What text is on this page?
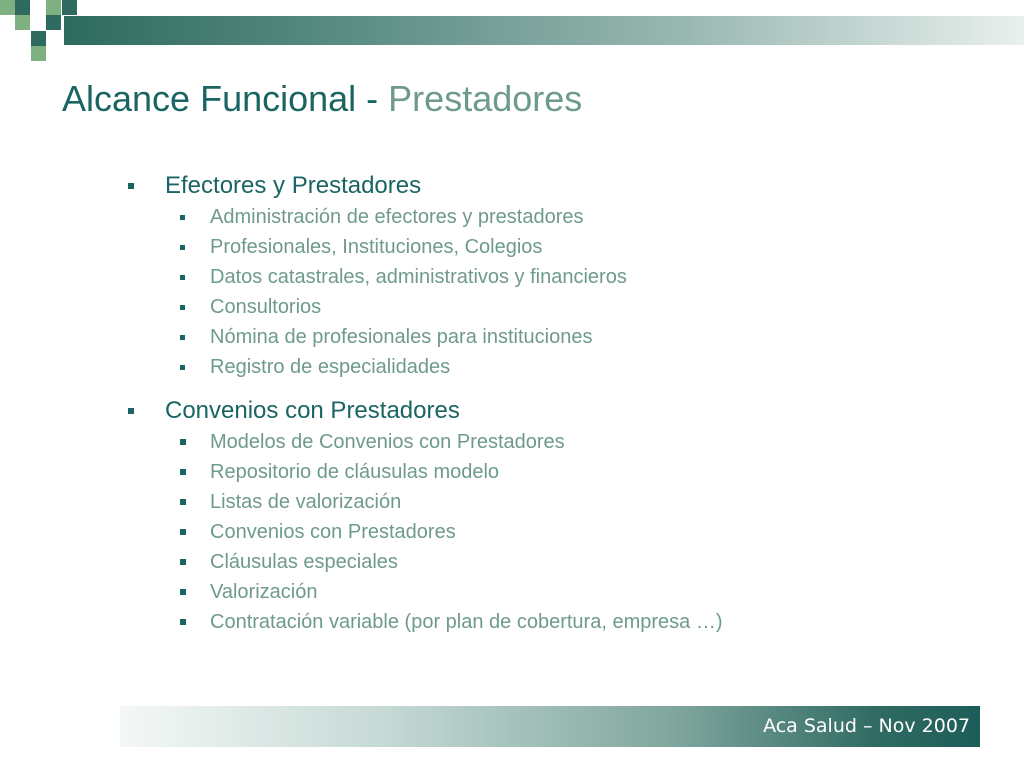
Alcance Funcional - Prestadores
Efectores y Prestadores
Administración de efectores y prestadores
Profesionales, Instituciones, Colegios
Datos catastrales, administrativos y financieros
Consultorios
Nómina de profesionales para instituciones
Registro de especialidades
Convenios con Prestadores
Modelos de Convenios con Prestadores
Repositorio de cláusulas modelo
Listas de valorización
Convenios con Prestadores
Cláusulas especiales
Valorización
Contratación variable (por plan de cobertura, empresa …)
Aca Salud – Nov 2007
